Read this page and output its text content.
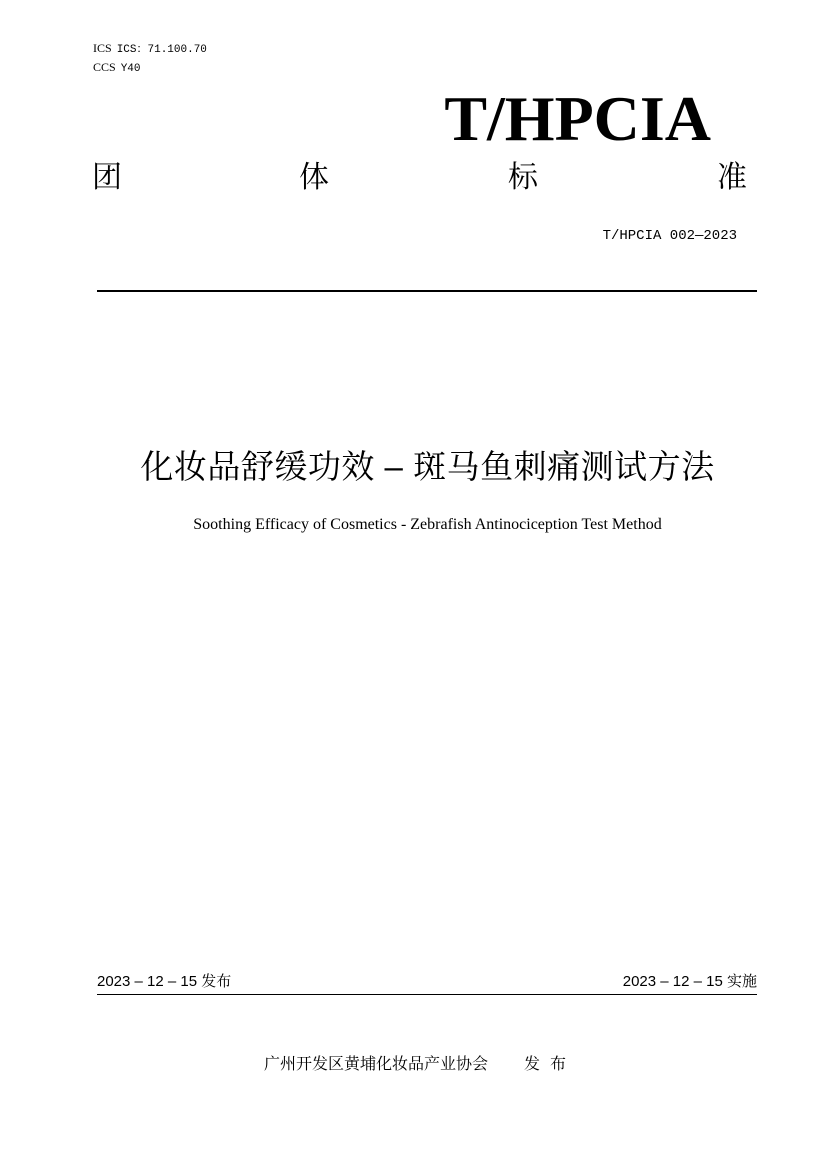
ICS ICS：71.100.70
CCS Y40
T/HPCIA
团	体	标	准
T/HPCIA 002—2023
化妆品舒缓功效 – 斑马鱼刺痛测试方法
Soothing Efficacy of Cosmetics - Zebrafish Antinociception Test Method
2023 – 12 – 15 发布	2023 – 12 – 15 实施
广州开发区黄埔化妆品产业协会 发 布
